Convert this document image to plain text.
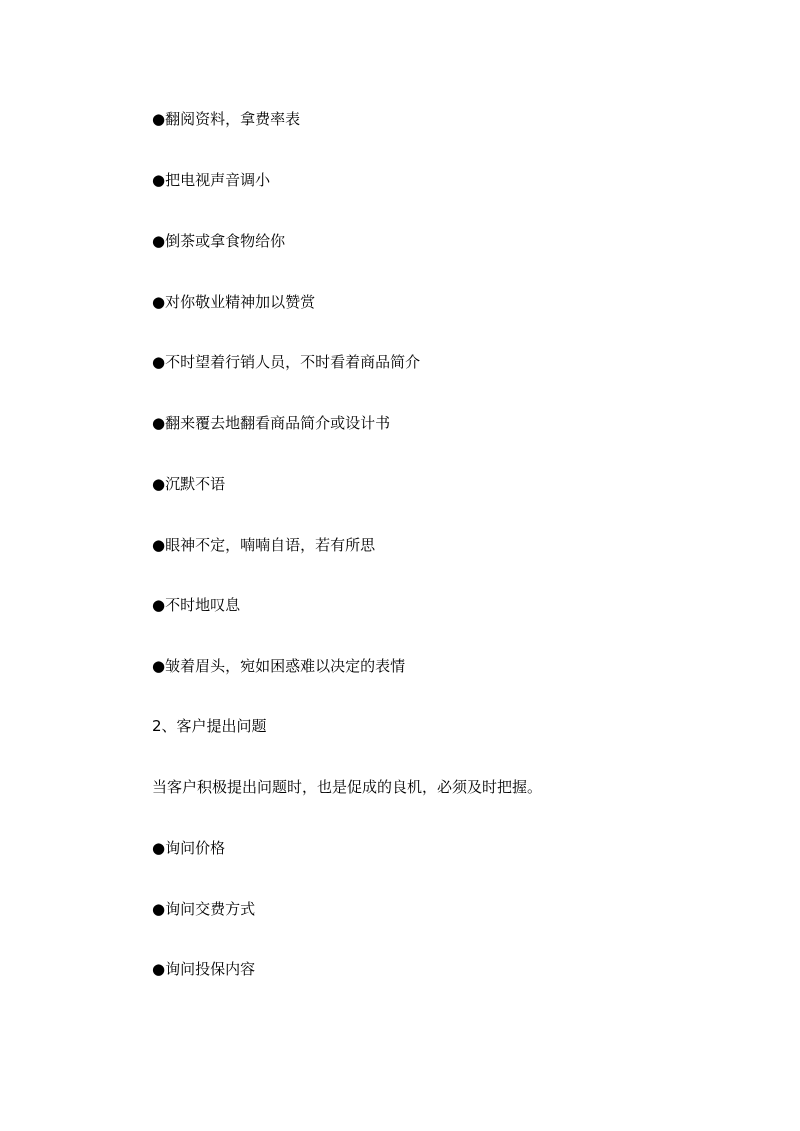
●翻阅资料，拿费率表
●把电视声音调小
●倒茶或拿食物给你
●对你敬业精神加以赞赏
●不时望着行销人员，不时看着商品简介
●翻来覆去地翻看商品简介或设计书
●沉默不语
●眼神不定，喃喃自语，若有所思
●不时地叹息
●皱着眉头，宛如困惑难以决定的表情
2、客户提出问题
当客户积极提出问题时，也是促成的良机，必须及时把握。
●询问价格
●询问交费方式
●询问投保内容
